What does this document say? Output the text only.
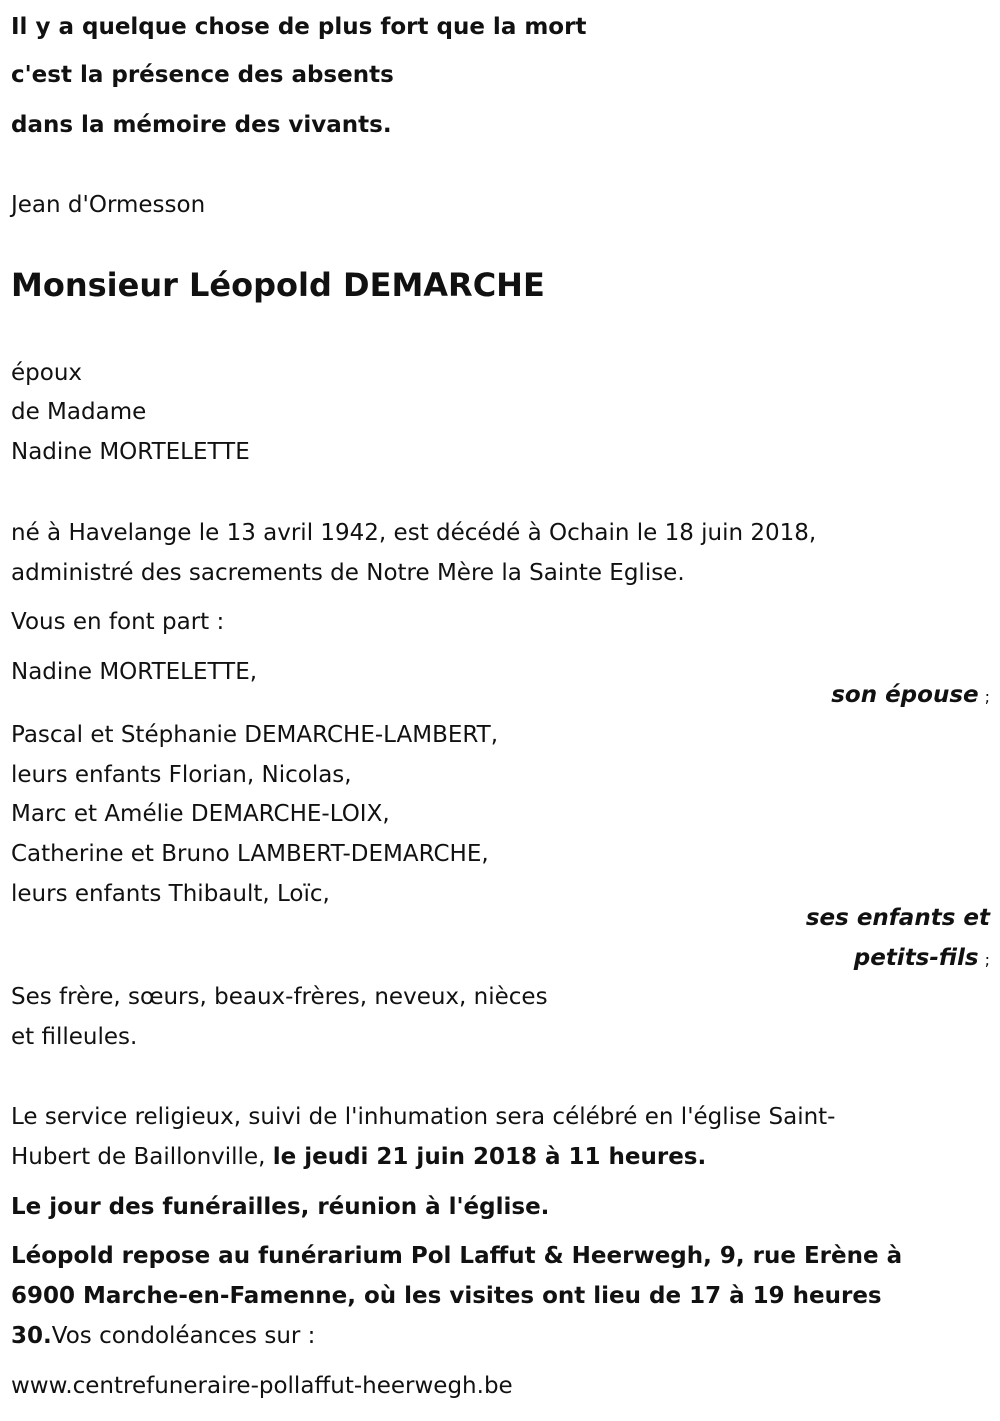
Il y a quelque chose de plus fort que la mort
c'est la présence des absents
dans la mémoire des vivants.
Jean d'Ormesson
Monsieur Léopold DEMARCHE
époux
de Madame
Nadine MORTELETTE
né à Havelange le 13 avril 1942, est décédé à Ochain le 18 juin 2018,
administré des sacrements de Notre Mère la Sainte Eglise.
Vous en font part :
Nadine MORTELETTE,
son épouse ;
Pascal et Stéphanie DEMARCHE-LAMBERT,
leurs enfants Florian, Nicolas,
Marc et Amélie DEMARCHE-LOIX,
Catherine et Bruno LAMBERT-DEMARCHE,
leurs enfants Thibault, Loïc,
ses enfants et
petits-fils ;
Ses frère, sœurs, beaux-frères, neveux, nièces
et filleules.
Le service religieux, suivi de l'inhumation sera célébré en l'église Saint-
Hubert de Baillonville, le jeudi 21 juin 2018 à 11 heures.
Le jour des funérailles, réunion à l'église.
Léopold repose au funérarium Pol Laffut & Heerwegh, 9, rue Erène à
6900 Marche-en-Famenne, où les visites ont lieu de 17 à 19 heures
30.Vos condoléances sur :
www.centrefuneraire-pollaffut-heerwegh.be
